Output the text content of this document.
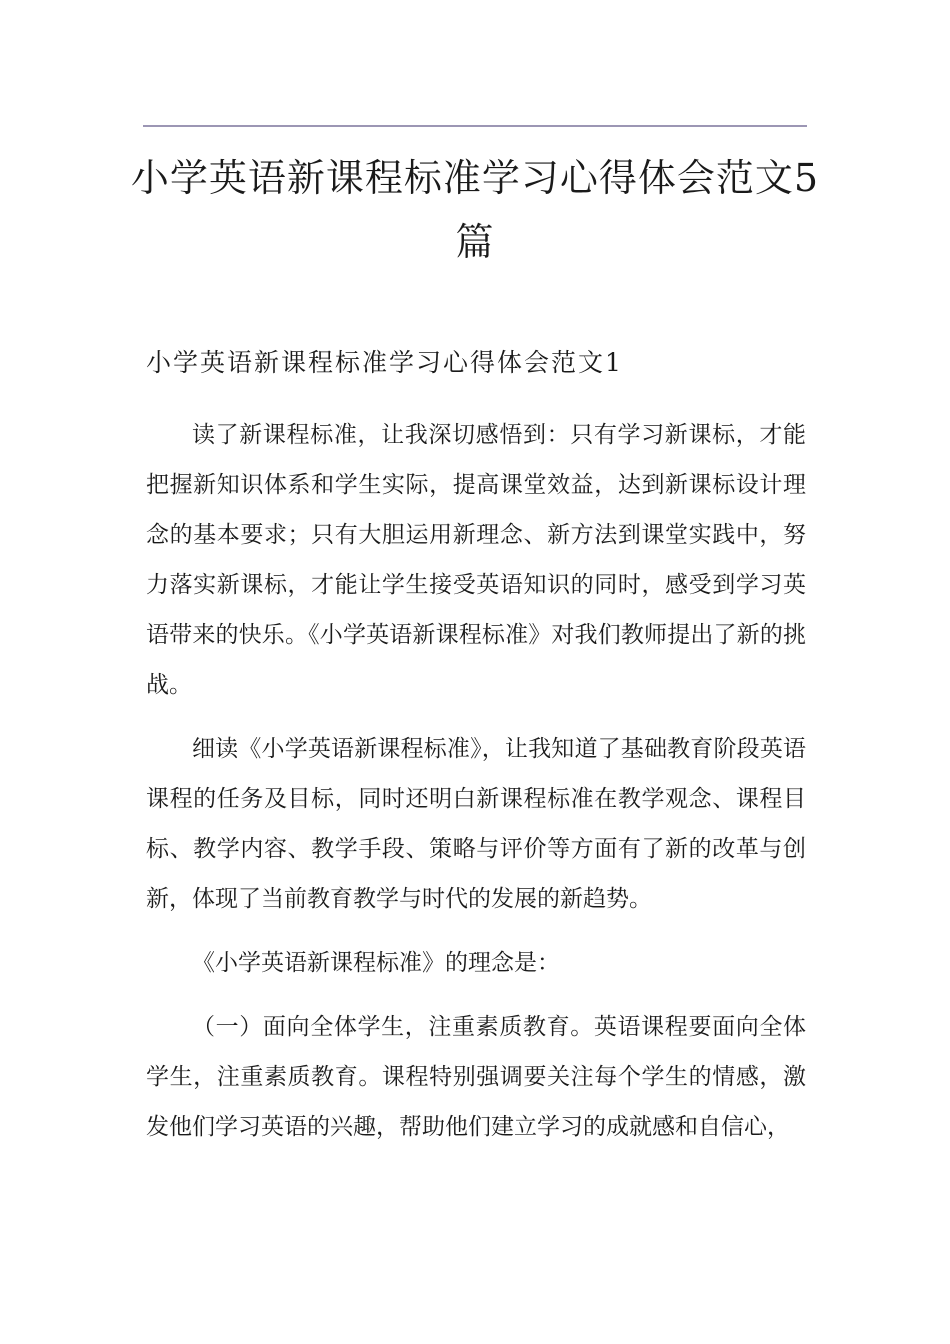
小学英语新课程标准学习心得体会范文5篇
小学英语新课程标准学习心得体会范文1

读了新课程标准，让我深切感悟到：只有学习新课标，才能把握新知识体系和学生实际，提高课堂效益，达到新课标设计理念的基本要求；只有大胆运用新理念、新方法到课堂实践中，努力落实新课标，才能让学生接受英语知识的同时，感受到学习英语带来的快乐。《小学英语新课程标准》对我们教师提出了新的挑战。

细读《小学英语新课程标准》，让我知道了基础教育阶段英语课程的任务及目标，同时还明白新课程标准在教学观念、课程目标、教学内容、教学手段、策略与评价等方面有了新的改革与创新，体现了当前教育教学与时代的发展的新趋势。

《小学英语新课程标准》的理念是：

（一）面向全体学生，注重素质教育。英语课程要面向全体学生，注重素质教育。课程特别强调要关注每个学生的情感，激发他们学习英语的兴趣，帮助他们建立学习的成就感和自信心，
